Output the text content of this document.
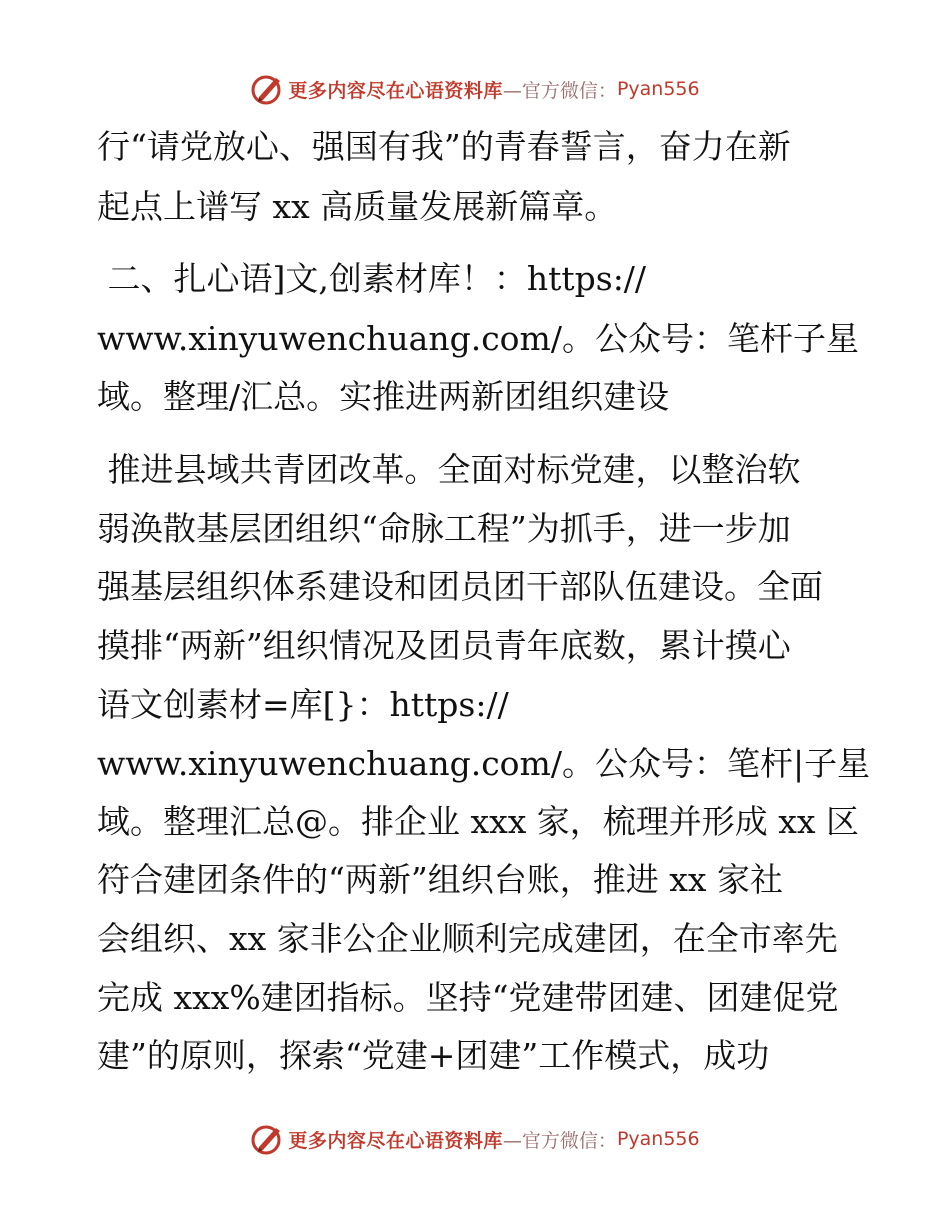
更多内容尽在心语资料库 —官方微信： Pyan556
行“请党放心、强国有我”的青春誓言，奋力在新
起点上谱写 xx 高质量发展新篇章。
二、扎心语]文,创素材库！：https://
www.xinyuwenchuang.com/。公众号：笔杆子星
域。整理/汇总。实推进两新团组织建设
推进县域共青团改革。全面对标党建，以整治软
弱涣散基层团组织“命脉工程”为抓手，进一步加
强基层组织体系建设和团员团干部队伍建设。全面
摸排“两新”组织情况及团员青年底数，累计摸心
语文创素材=库[}：https://
www.xinyuwenchuang.com/。公众号：笔杆|子星
域。整理汇总@。排企业 xxx 家，梳理并形成 xx 区
符合建团条件的“两新”组织台账，推进 xx 家社
会组织、xx 家非公企业顺利完成建团，在全市率先
完成 xxx%建团指标。坚持“党建带团建、团建促党
建”的原则，探索“党建+团建”工作模式，成功
更多内容尽在心语资料库 —官方微信： Pyan556
